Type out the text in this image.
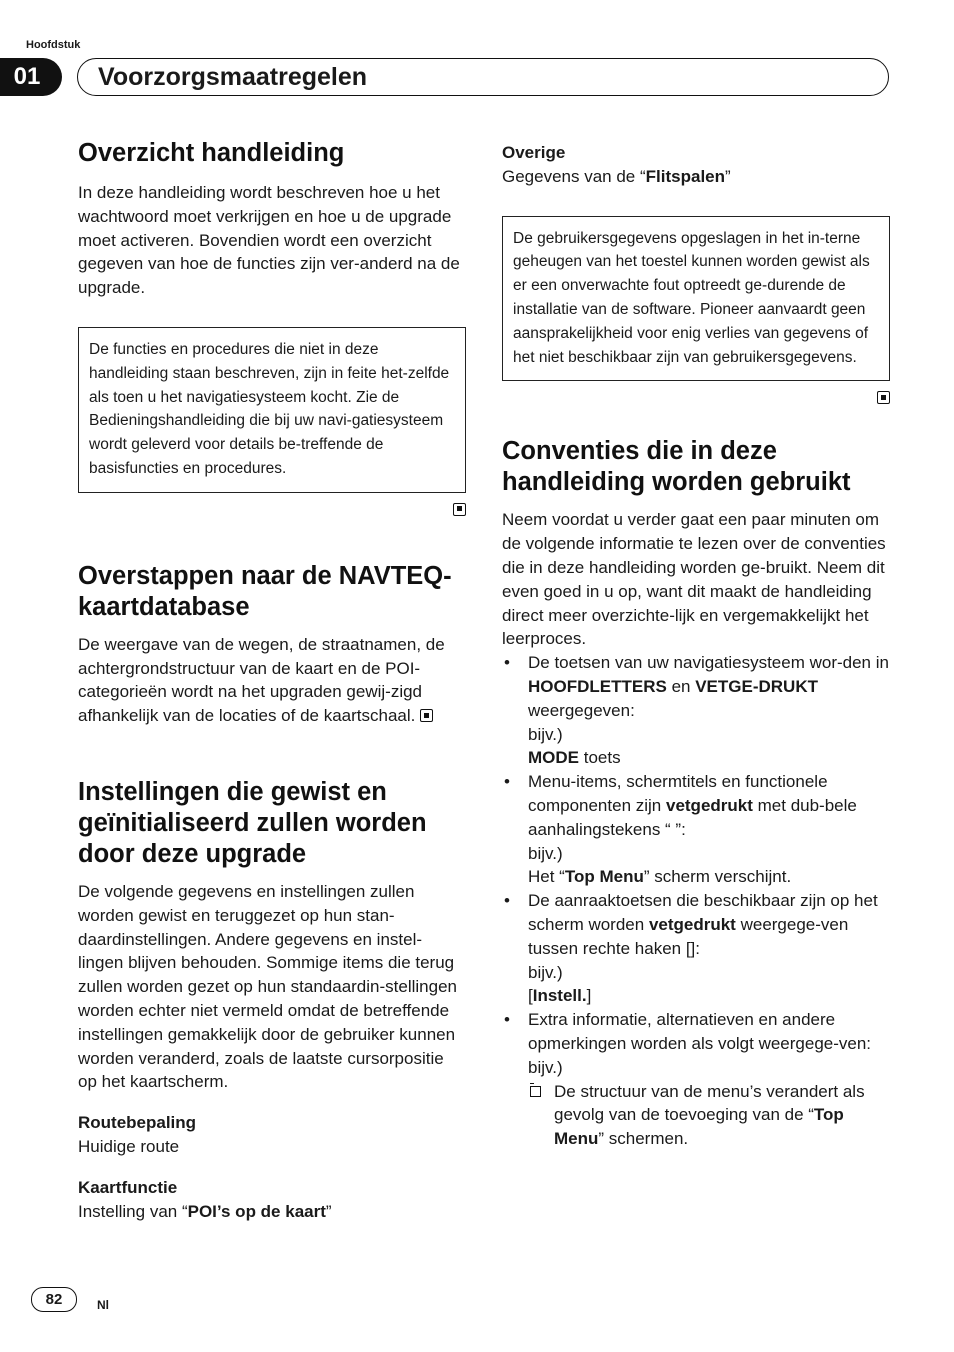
Hoofdstuk
01	Voorzorgsmaatregelen
Overzicht handleiding

In deze handleiding wordt beschreven hoe u het wachtwoord moet verkrijgen en hoe u de upgrade moet activeren. Bovendien wordt een overzicht gegeven van hoe de functies zijn ver-anderd na de upgrade.

De functies en procedures die niet in deze handleiding staan beschreven, zijn in feite het-zelfde als toen u het navigatiesysteem kocht. Zie de Bedieningshandleiding die bij uw navi-gatiesysteem wordt geleverd voor details be-treffende de basisfuncties en procedures.
Overstappen naar de NAVTEQ-kaartdatabase

De weergave van de wegen, de straatnamen, de achtergrondstructuur van de kaart en de POI-categorieën wordt na het upgraden gewij-zigd afhankelijk van de locaties of de kaartschaal.

Instellingen die gewist en geïnitialiseerd zullen worden door deze upgrade

De volgende gegevens en instellingen zullen worden gewist en teruggezet op hun stan-daardinstellingen. Andere gegevens en instel-lingen blijven behouden. Sommige items die terug zullen worden gezet op hun standaardin-stellingen worden echter niet vermeld omdat de betreffende instellingen gemakkelijk door de gebruiker kunnen worden veranderd, zoals de laatste cursorpositie op het kaartscherm.

Routebepaling
Huidige route
Kaartfunctie
Instelling van “POI’s op de kaart”
Overige
Gegevens van de “Flitspalen”
De gebruikersgegevens opgeslagen in het in-terne geheugen van het toestel kunnen worden gewist als er een onverwachte fout optreedt ge-durende de installatie van de software. Pioneer aanvaardt geen aansprakelijkheid voor enig verlies van gegevens of het niet beschikbaar zijn van gebruikersgegevens.
Conventies die in deze handleiding worden gebruikt

Neem voordat u verder gaat een paar minuten om de volgende informatie te lezen over de conventies die in deze handleiding worden ge-bruikt. Neem dit even goed in u op, want dit maakt de handleiding direct meer overzichte-lijk en vergemakkelijkt het leerproces.

• De toetsen van uw navigatiesysteem wor-den in HOOFDLETTERS en VETGE-DRUKT weergegeven:
bijv.)
MODE toets
• Menu-items, schermtitels en functionele componenten zijn vetgedrukt met dub-bele aanhalingstekens “ ”:
bijv.)
Het “Top Menu” scherm verschijnt.
• De aanraaktoetsen die beschikbaar zijn op het scherm worden vetgedrukt weergege-ven tussen rechte haken []:
bijv.)
[Instell.]
• Extra informatie, alternatieven en andere opmerkingen worden als volgt weergege-ven:
bijv.)
De structuur van de menu’s verandert als gevolg van de toevoeging van de “Top Menu” schermen.
82	Nl
